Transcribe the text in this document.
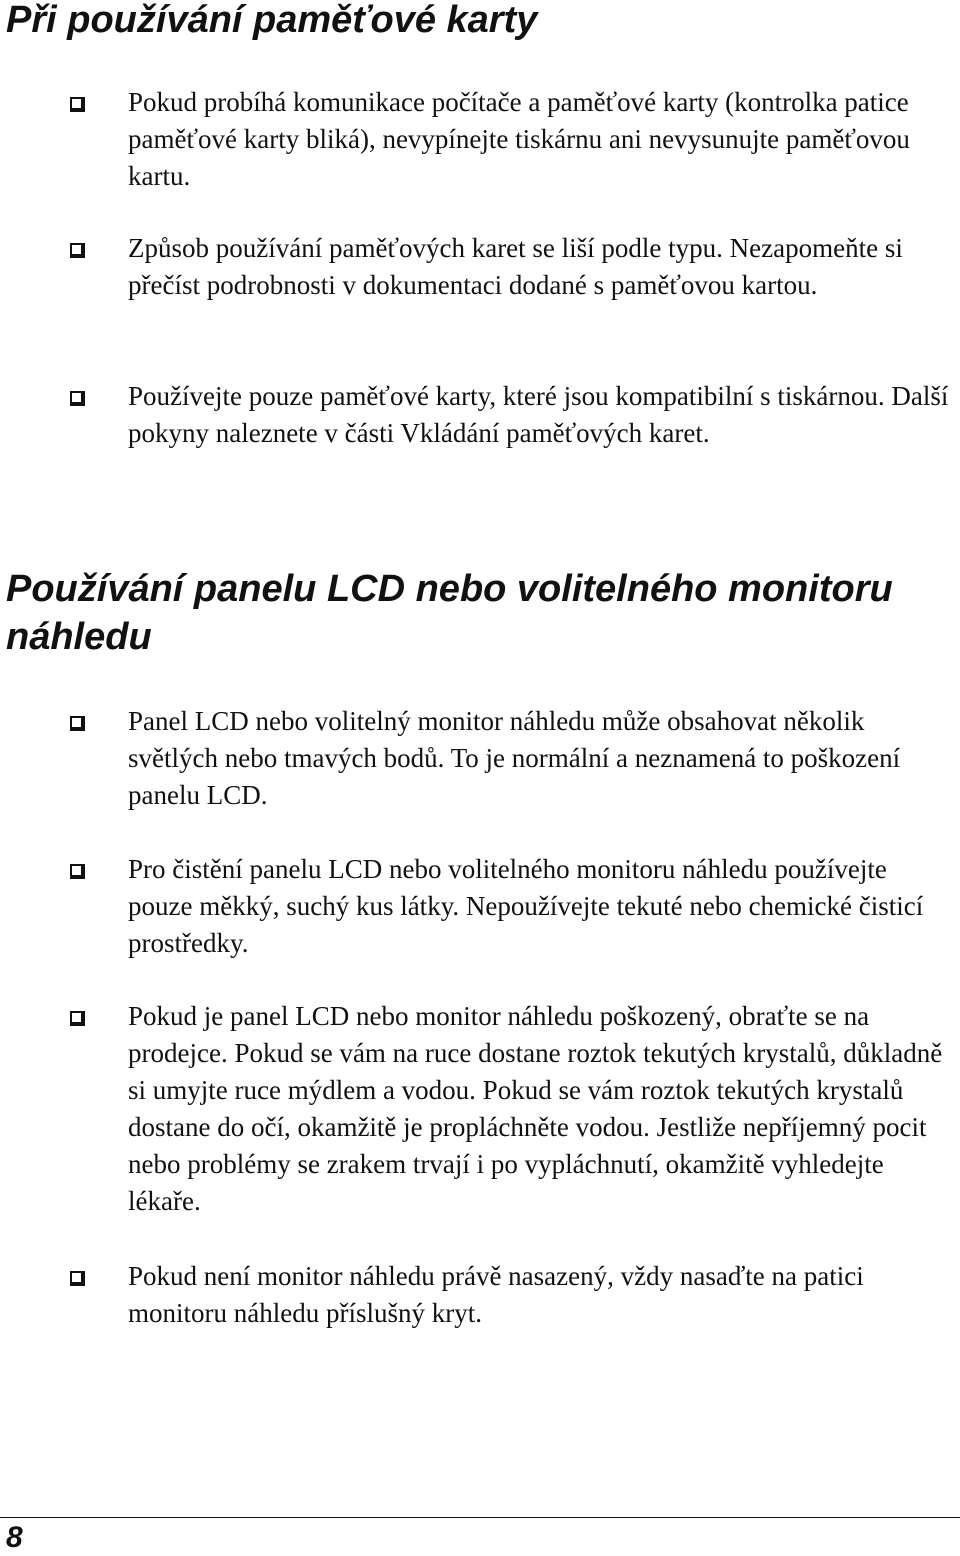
Při používání paměťové karty

Pokud probíhá komunikace počítače a paměťové karty (kontrolka patice paměťové karty bliká), nevypínejte tiskárnu ani nevysunujte paměťovou kartu.

Způsob používání paměťových karet se liší podle typu. Nezapomeňte si přečíst podrobnosti v dokumentaci dodané s paměťovou kartou.

Používejte pouze paměťové karty, které jsou kompatibilní s tiskárnou. Další pokyny naleznete v části Vkládání paměťových karet.

Používání panelu LCD nebo volitelného monitoru náhledu

Panel LCD nebo volitelný monitor náhledu může obsahovat několik světlých nebo tmavých bodů. To je normální a neznamená to poškození panelu LCD.

Pro čistění panelu LCD nebo volitelného monitoru náhledu používejte pouze měkký, suchý kus látky. Nepoužívejte tekuté nebo chemické čisticí prostředky.

Pokud je panel LCD nebo monitor náhledu poškozený, obraťte se na prodejce. Pokud se vám na ruce dostane roztok tekutých krystalů, důkladně si umyjte ruce mýdlem a vodou. Pokud se vám roztok tekutých krystalů dostane do očí, okamžitě je propláchněte vodou. Jestliže nepříjemný pocit nebo problémy se zrakem trvají i po vypláchnutí, okamžitě vyhledejte lékaře.

Pokud není monitor náhledu právě nasazený, vždy nasaďte na patici monitoru náhledu příslušný kryt.

8
